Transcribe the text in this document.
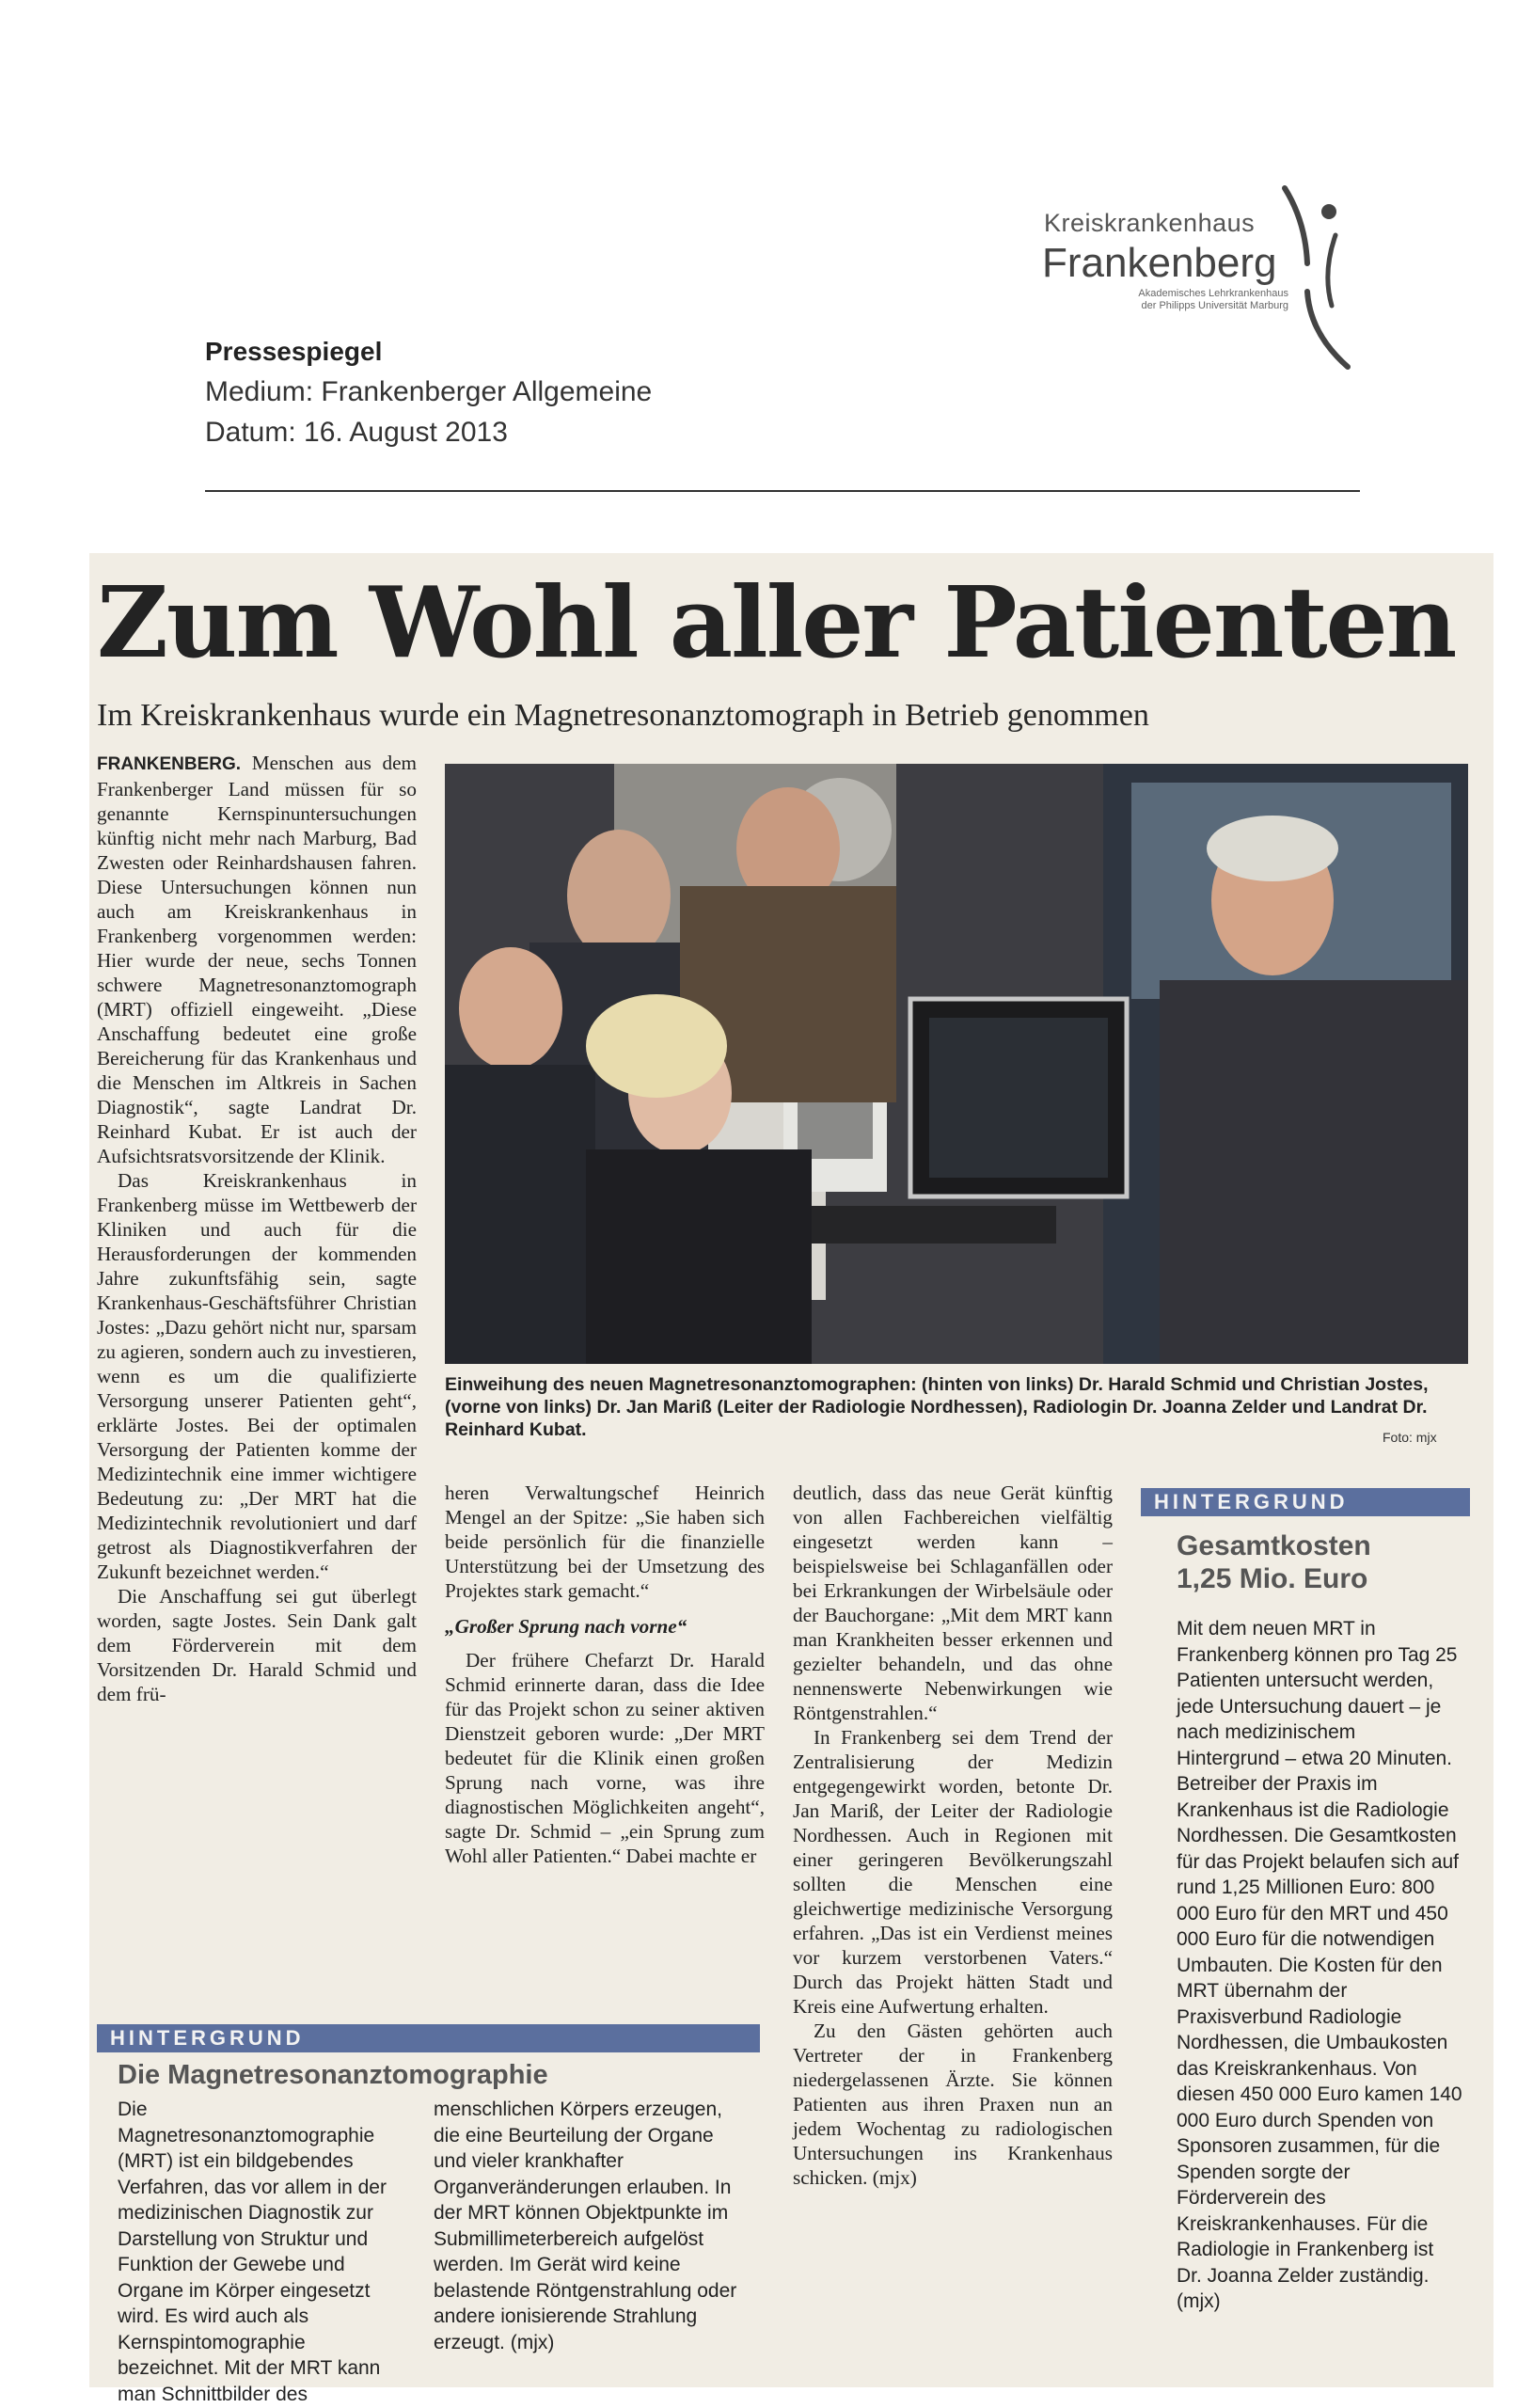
Kreiskrankenhaus
Frankenberg
Akademisches Lehrkrankenhaus
der Philipps Universität Marburg
Pressespiegel
Medium: Frankenberger Allgemeine
Datum: 16. August 2013
Zum Wohl aller Patienten
Im Kreiskrankenhaus wurde ein Magnetresonanztomograph in Betrieb genommen

FRANKENBERG. Menschen aus dem Frankenberger Land müssen für so genannte Kernspinuntersuchungen künftig nicht mehr nach Marburg, Bad Zwesten oder Reinhardshausen fahren. Diese Untersuchungen können nun auch am Kreiskrankenhaus in Frankenberg vorgenommen werden: Hier wurde der neue, sechs Tonnen schwere Magnetresonanztomograph (MRT) offiziell eingeweiht. „Diese Anschaffung bedeutet eine große Bereicherung für das Krankenhaus und die Menschen im Altkreis in Sachen Diagnostik“, sagte Landrat Dr. Reinhard Kubat. Er ist auch der Aufsichtsratsvorsitzende der Klinik.

Das Kreiskrankenhaus in Frankenberg müsse im Wettbewerb der Kliniken und auch für die Herausforderungen der kommenden Jahre zukunftsfähig sein, sagte Krankenhaus-Geschäftsführer Christian Jostes: „Dazu gehört nicht nur, sparsam zu agieren, sondern auch zu investieren, wenn es um die qualifizierte Versorgung unserer Patienten geht“, erklärte Jostes. Bei der optimalen Versorgung der Patienten komme der Medizintechnik eine immer wichtigere Bedeutung zu: „Der MRT hat die Medizintechnik revolutioniert und darf getrost als Diagnostikverfahren der Zukunft bezeichnet werden.“

Die Anschaffung sei gut überlegt worden, sagte Jostes. Sein Dank galt dem Förderverein mit dem Vorsitzenden Dr. Harald Schmid und dem frü-

Einweihung des neuen Magnetresonanztomographen: (hinten von links) Dr. Harald Schmid und Christian Jostes, (vorne von links) Dr. Jan Mariß (Leiter der Radiologie Nordhessen), Radiologin Dr. Joanna Zelder und Landrat Dr. Reinhard Kubat.	Foto: mjx

heren Verwaltungschef Heinrich Mengel an der Spitze: „Sie haben sich beide persönlich für die finanzielle Unterstützung bei der Umsetzung des Projektes stark gemacht.“

„Großer Sprung nach vorne“

Der frühere Chefarzt Dr. Harald Schmid erinnerte daran, dass die Idee für das Projekt schon zu seiner aktiven Dienstzeit geboren wurde: „Der MRT bedeutet für die Klinik einen großen Sprung nach vorne, was ihre diagnostischen Möglichkeiten angeht“, sagte Dr. Schmid – „ein Sprung zum Wohl aller Patienten.“ Dabei machte er

deutlich, dass das neue Gerät künftig von allen Fachbereichen vielfältig eingesetzt werden kann – beispielsweise bei Schlaganfällen oder bei Erkrankungen der Wirbelsäule oder der Bauchorgane: „Mit dem MRT kann man Krankheiten besser erkennen und gezielter behandeln, und das ohne nennenswerte Nebenwirkungen wie Röntgenstrahlen.“

In Frankenberg sei dem Trend der Zentralisierung der Medizin entgegengewirkt worden, betonte Dr. Jan Mariß, der Leiter der Radiologie Nordhessen. Auch in Regionen mit einer geringeren Bevölkerungszahl sollten die Menschen eine gleichwertige medizinische Versorgung erfahren. „Das ist ein Verdienst meines vor kurzem verstorbenen Vaters.“ Durch das Projekt hätten Stadt und Kreis eine Aufwertung erhalten.

Zu den Gästen gehörten auch Vertreter der in Frankenberg niedergelassenen Ärzte. Sie können Patienten aus ihren Praxen nun an jedem Wochentag zu radiologischen Untersuchungen ins Krankenhaus schicken. (mjx)

HINTERGRUND
Gesamtkosten
1,25 Mio. Euro
Mit dem neuen MRT in Frankenberg können pro Tag 25 Patienten untersucht werden, jede Untersuchung dauert – je nach medizinischem Hintergrund – etwa 20 Minuten. Betreiber der Praxis im Krankenhaus ist die Radiologie Nordhessen. Die Gesamtkosten für das Projekt belaufen sich auf rund 1,25 Millionen Euro: 800 000 Euro für den MRT und 450 000 Euro für die notwendigen Umbauten. Die Kosten für den MRT übernahm der Praxisverbund Radiologie Nordhessen, die Umbaukosten das Kreiskrankenhaus. Von diesen 450 000 Euro kamen 140 000 Euro durch Spenden von Sponsoren zusammen, für die Spenden sorgte der Förderverein des Kreiskrankenhauses. Für die Radiologie in Frankenberg ist Dr. Joanna Zelder zuständig. (mjx)
HINTERGRUND
Die Magnetresonanztomographie
Die Magnetresonanztomographie (MRT) ist ein bildgebendes Verfahren, das vor allem in der medizinischen Diagnostik zur Darstellung von Struktur und Funktion der Gewebe und Organe im Körper eingesetzt wird. Es wird auch als Kernspintomographie bezeichnet. Mit der MRT kann man Schnittbilder des
menschlichen Körpers erzeugen, die eine Beurteilung der Organe und vieler krankhafter Organveränderungen erlauben. In der MRT können Objektpunkte im Submillimeterbereich aufgelöst werden. Im Gerät wird keine belastende Röntgenstrahlung oder andere ionisierende Strahlung erzeugt. (mjx)
